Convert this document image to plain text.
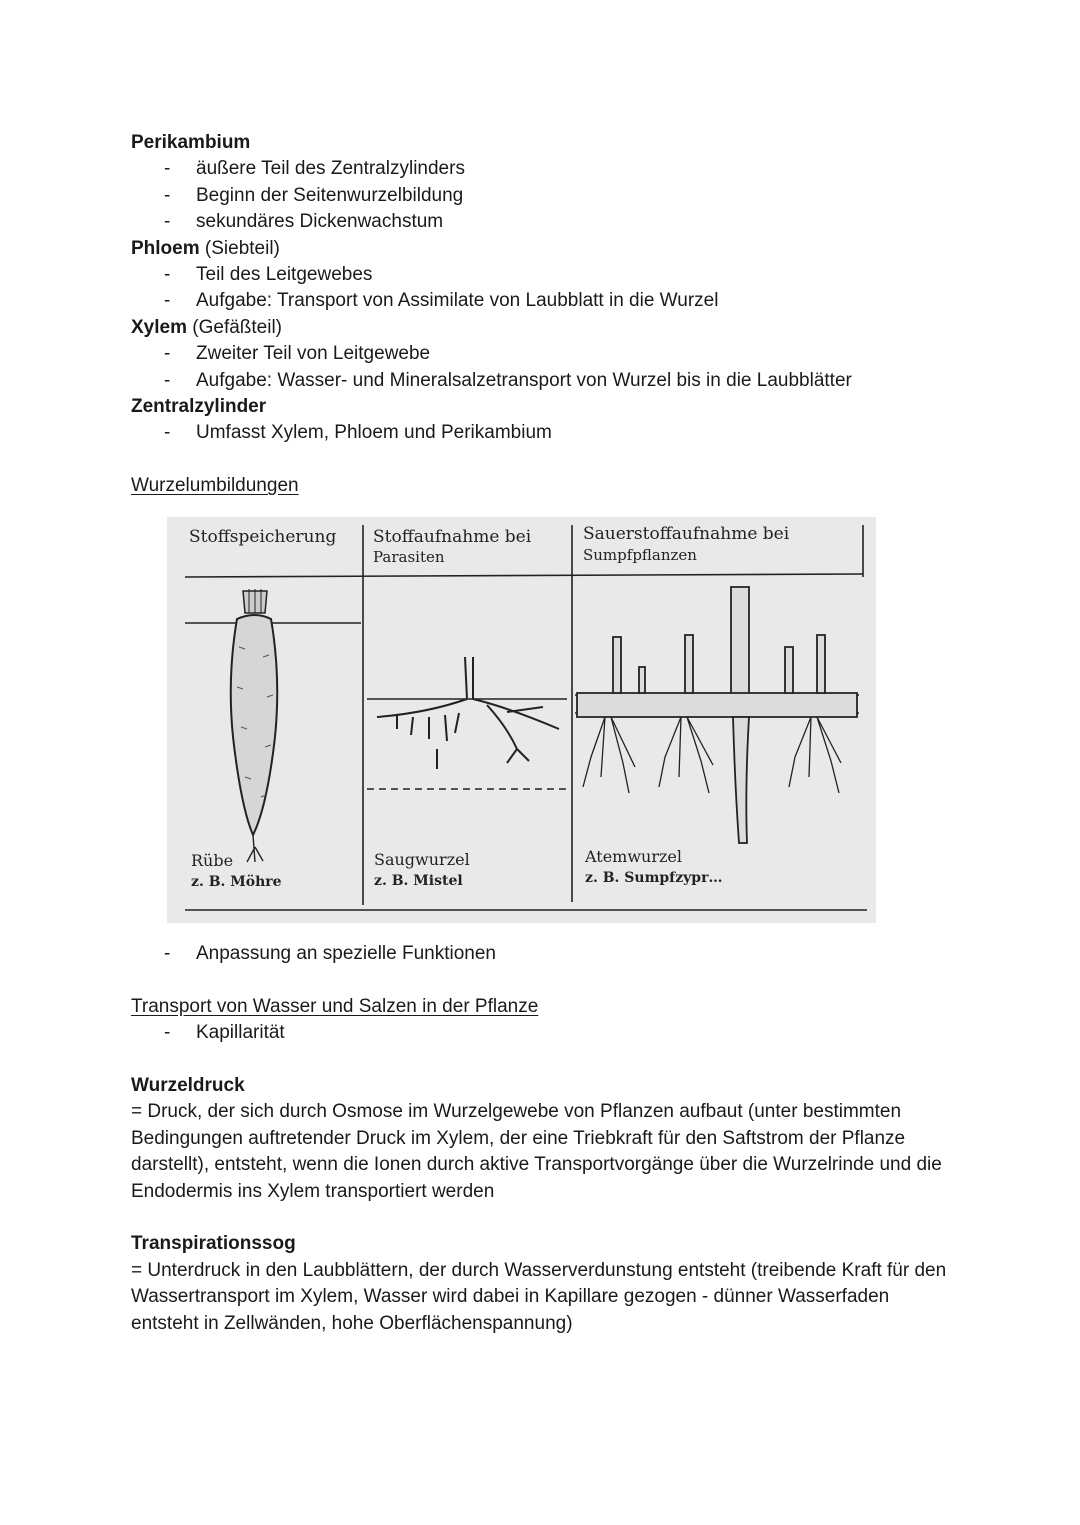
Perikambium
- äußere Teil des Zentralzylinders
- Beginn der Seitenwurzelbildung
- sekundäres Dickenwachstum
Phloem (Siebteil)
- Teil des Leitgewebes
- Aufgabe: Transport von Assimilate von Laubblatt in die Wurzel
Xylem (Gefäßteil)
- Zweiter Teil von Leitgewebe
- Aufgabe: Wasser- und Mineralsalzetransport von Wurzel bis in die Laubblätter
Zentralzylinder
- Umfasst Xylem, Phloem und Perikambium
Wurzelumbildungen
Stoffspeicherung Stoffaufnahme bei
Parasiten
Sauerstoffaufnahme bei
Sumpfpflanzen
Rübe
z. B. Möhre
Saugwurzel
z. B. Mistel
Atemwurzel
z. B. Sumpfzypr…
- Anpassung an spezielle Funktionen
Transport von Wasser und Salzen in der Pflanze
- Kapillarität
Wurzeldruck
= Druck, der sich durch Osmose im Wurzelgewebe von Pflanzen aufbaut (unter bestimmten Bedingungen auftretender Druck im Xylem, der eine Triebkraft für den Saftstrom der Pflanze darstellt), entsteht, wenn die Ionen durch aktive Transportvorgänge über die Wurzelrinde und die Endodermis ins Xylem transportiert werden
Transpirationssog
= Unterdruck in den Laubblättern, der durch Wasserverdunstung entsteht (treibende Kraft für den Wassertransport im Xylem, Wasser wird dabei in Kapillare gezogen - dünner Wasserfaden entsteht in Zellwänden, hohe Oberflächenspannung)
